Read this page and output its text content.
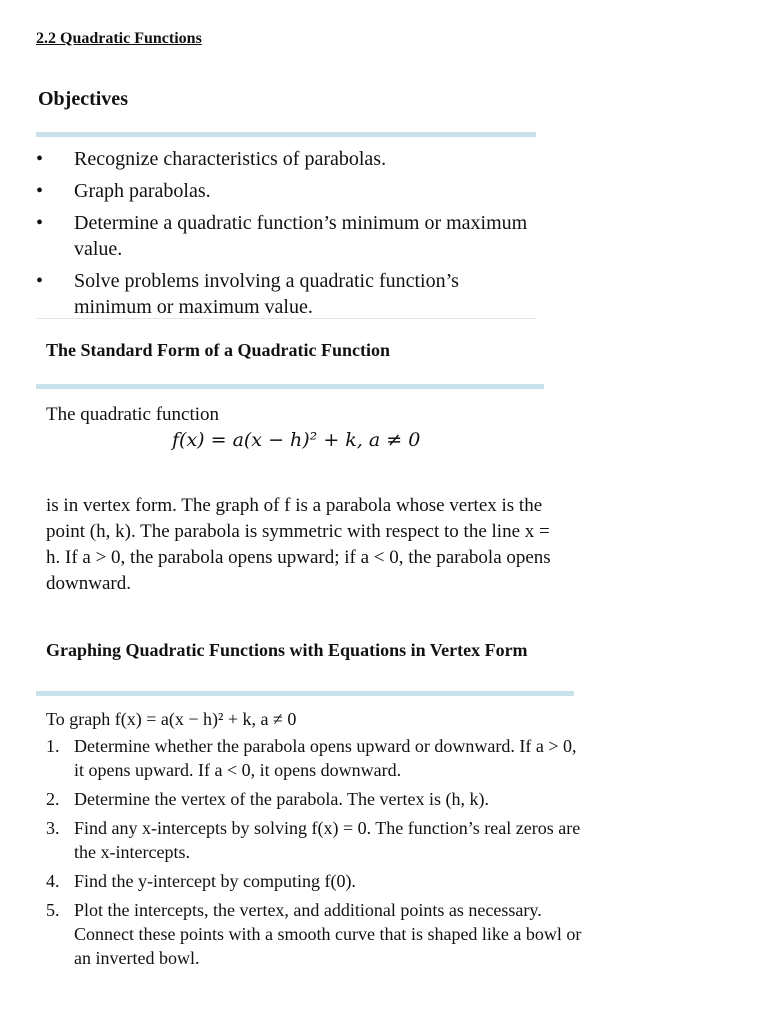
2.2 Quadratic Functions
Objectives
• Recognize characteristics of parabolas.
• Graph parabolas.
• Determine a quadratic function’s minimum or maximum value.
• Solve problems involving a quadratic function’s minimum or maximum value.
The Standard Form of a Quadratic Function
The quadratic function
f(x) = a(x − h)² + k, a ≠ 0
is in vertex form. The graph of f is a parabola whose vertex is the point (h, k). The parabola is symmetric with respect to the line x = h. If a > 0, the parabola opens upward; if a < 0, the parabola opens downward.
Graphing Quadratic Functions with Equations in Vertex Form
To graph f(x) = a(x − h)² + k, a ≠ 0
1. Determine whether the parabola opens upward or downward. If a > 0, it opens upward. If a < 0, it opens downward.
2. Determine the vertex of the parabola. The vertex is (h, k).
3. Find any x-intercepts by solving f(x) = 0. The function’s real zeros are the x-intercepts.
4. Find the y-intercept by computing f(0).
5. Plot the intercepts, the vertex, and additional points as necessary. Connect these points with a smooth curve that is shaped like a bowl or an inverted bowl.
